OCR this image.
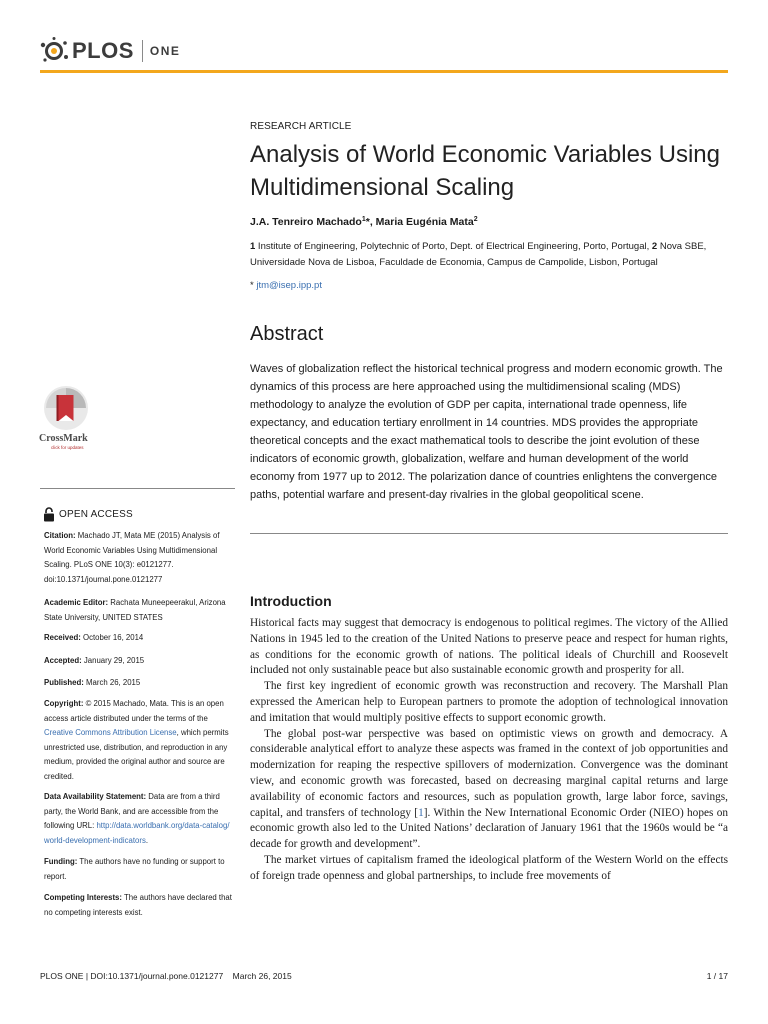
PLOS ONE
RESEARCH ARTICLE
Analysis of World Economic Variables Using Multidimensional Scaling
J.A. Tenreiro Machado$^1$*, Maria Eugénia Mata$^2$
1 Institute of Engineering, Polytechnic of Porto, Dept. of Electrical Engineering, Porto, Portugal, 2 Nova SBE, Universidade Nova de Lisboa, Faculdade de Economia, Campus de Campolide, Lisbon, Portugal
* jtm@isep.ipp.pt
Abstract
Waves of globalization reflect the historical technical progress and modern economic growth. The dynamics of this process are here approached using the multidimensional scaling (MDS) methodology to analyze the evolution of GDP per capita, international trade openness, life expectancy, and education tertiary enrollment in 14 countries. MDS provides the appropriate theoretical concepts and the exact mathematical tools to describe the joint evolution of these indicators of economic growth, globalization, welfare and human development of the world economy from 1977 up to 2012. The polarization dance of countries enlightens the convergence paths, potential warfare and present-day rivalries in the global geopolitical scene.
Introduction

Historical facts may suggest that democracy is endogenous to political regimes. The victory of the Allied Nations in 1945 led to the creation of the United Nations to preserve peace and respect for human rights, as conditions for the economic growth of nations. The political ideals of Churchill and Roosevelt included not only sustainable peace but also sustainable economic growth and prosperity for all.

The first key ingredient of economic growth was reconstruction and recovery. The Marshall Plan expressed the American help to European partners to promote the adoption of technological innovation and imitation that would multiply positive effects to support economic growth.

The global post-war perspective was based on optimistic views on growth and democracy. A considerable analytical effort to analyze these aspects was framed in the context of job opportunities and modernization for reaping the respective spillovers of modernization. Convergence was the dominant view, and economic growth was forecasted, based on decreasing marginal capital returns and large availability of economic factors and resources, such as population growth, large labor force, savings, capital, and transfers of technology [1]. Within the New International Economic Order (NIEO) hopes on economic growth also led to the United Nations’ declaration of January 1961 that the 1960s would be “a decade for growth and development”.

The market virtues of capitalism framed the ideological platform of the Western World on the effects of foreign trade openness and global partnerships, to include free movements of

CrossMark
click for updates
OPEN ACCESS
Citation: Machado JT, Mata ME (2015) Analysis of World Economic Variables Using Multidimensional Scaling. PLoS ONE 10(3): e0121277. doi:10.1371/journal.pone.0121277
Academic Editor: Rachata Muneepeerakul, Arizona State University, UNITED STATES
Received: October 16, 2014
Accepted: January 29, 2015
Published: March 26, 2015
Copyright: © 2015 Machado, Mata. This is an open access article distributed under the terms of the Creative Commons Attribution License, which permits unrestricted use, distribution, and reproduction in any medium, provided the original author and source are credited.
Data Availability Statement: Data are from a third party, the World Bank, and are accessible from the following URL: http://data.worldbank.org/data-catalog/world-development-indicators.
Funding: The authors have no funding or support to report.
Competing Interests: The authors have declared that no competing interests exist.
PLOS ONE | DOI:10.1371/journal.pone.0121277    March 26, 2015	1 / 17
